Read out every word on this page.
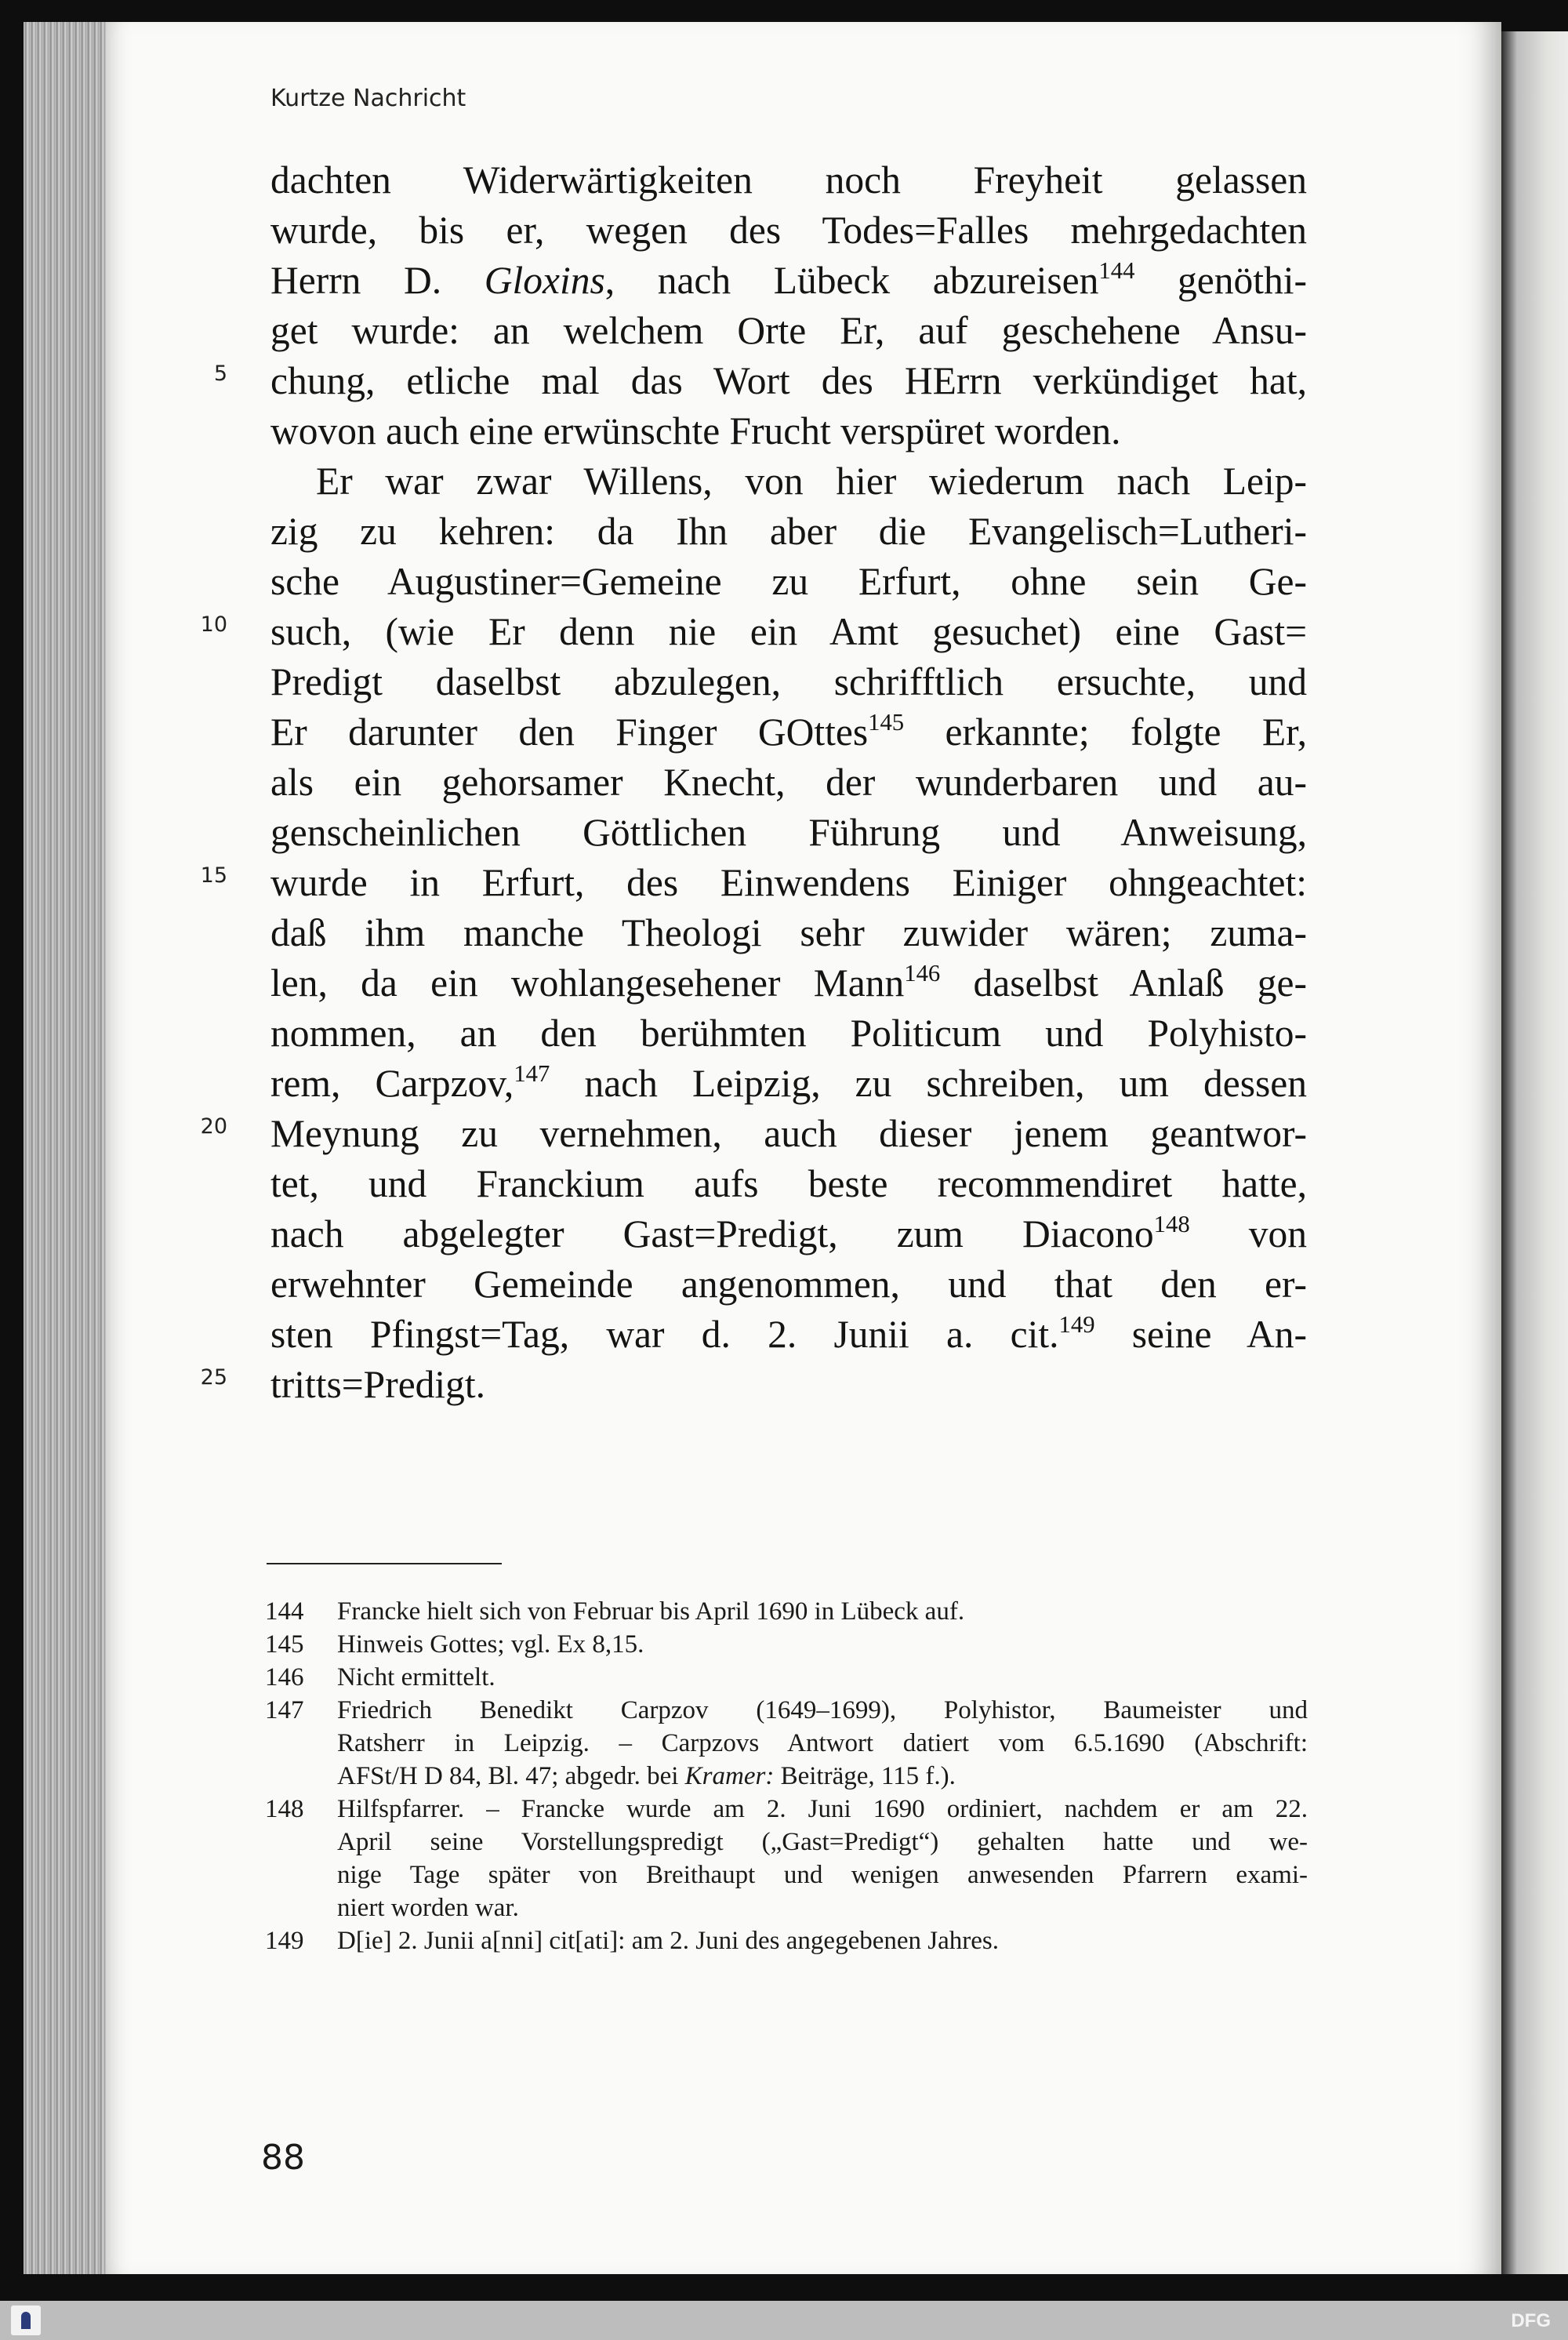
Kurtze Nachricht
dachten Widerwärtigkeiten noch Freyheit gelassen
wurde, bis er, wegen des Todes=Falles mehrgedachten
Herrn D. Gloxins, nach Lübeck abzureisen$^{144}$ genöthi-
get wurde: an welchem Orte Er, auf geschehene Ansu-
chung, etliche mal das Wort des HErrn verkündiget hat,
wovon auch eine erwünschte Frucht verspüret worden.
Er war zwar Willens, von hier wiederum nach Leip-
zig zu kehren: da Ihn aber die Evangelisch=Lutheri-
sche Augustiner=Gemeine zu Erfurt, ohne sein Ge-
such, (wie Er denn nie ein Amt gesuchet) eine Gast=
Predigt daselbst abzulegen, schrifftlich ersuchte, und
Er darunter den Finger GOttes$^{145}$ erkannte; folgte Er,
als ein gehorsamer Knecht, der wunderbaren und au-
genscheinlichen Göttlichen Führung und Anweisung,
wurde in Erfurt, des Einwendens Einiger ohngeachtet:
daß ihm manche Theologi sehr zuwider wären; zuma-
len, da ein wohlangesehener Mann$^{146}$ daselbst Anlaß ge-
nommen, an den berühmten Politicum und Polyhisto-
rem, Carpzov,$^{147}$ nach Leipzig, zu schreiben, um dessen
Meynung zu vernehmen, auch dieser jenem geantwor-
tet, und Franckium aufs beste recommendiret hatte,
nach abgelegter Gast=Predigt, zum Diacono$^{148}$ von
erwehnter Gemeinde angenommen, und that den er-
sten Pfingst=Tag, war d. 2. Junii a. cit.$^{149}$ seine An-
tritts=Predigt.
5
10
15
20
25
144 Francke hielt sich von Februar bis April 1690 in Lübeck auf.
145 Hinweis Gottes; vgl. Ex 8,15.
146 Nicht ermittelt.
147 Friedrich Benedikt Carpzov (1649–1699), Polyhistor, Baumeister und
Ratsherr in Leipzig. – Carpzovs Antwort datiert vom 6.5.1690 (Abschrift:
AFSt/H D 84, Bl. 47; abgedr. bei Kramer: Beiträge, 115 f.).
148 Hilfspfarrer. – Francke wurde am 2. Juni 1690 ordiniert, nachdem er am 22.
April seine Vorstellungspredigt („Gast=Predigt“) gehalten hatte und we-
nige Tage später von Breithaupt und wenigen anwesenden Pfarrern exami-
niert worden war.
149 D[ie] 2. Junii a[nni] cit[ati]: am 2. Juni des angegebenen Jahres.
88
DFG
